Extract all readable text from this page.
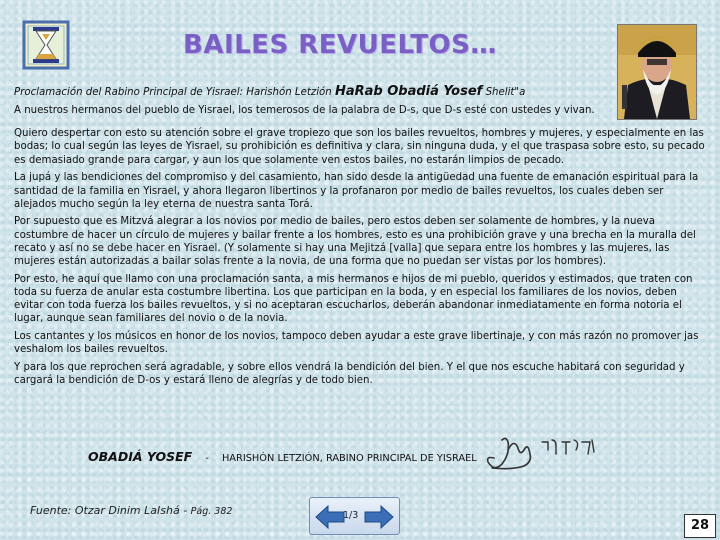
BAILES REVUELTOS…
Proclamación del Rabino Principal de Yisrael: Harishón Letzión HaRab Obadiá Yosef Shelit"a

A nuestros hermanos del pueblo de Yisrael, los temerosos de la palabra de D-s, que D-s esté con ustedes y vivan.

Quiero despertar con esto su atención sobre el grave tropiezo que son los bailes revueltos, hombres y mujeres, y especialmente en las bodas; lo cual según las leyes de Yisrael, su prohibición es definitiva y clara, sin ninguna duda, y el que traspasa sobre esto, su pecado es demasiado grande para cargar, y aun los que solamente ven estos bailes, no estarán limpios de pecado.

La jupá y las bendiciones del compromiso y del casamiento, han sido desde la antigüedad una fuente de emanación espiritual para la santidad de la familia en Yisrael, y ahora llegaron libertinos y la profanaron por medio de bailes revueltos, los cuales deben ser alejados mucho según la ley eterna de nuestra santa Torá.

Por supuesto que es Mitzvá alegrar a los novios por medio de bailes, pero estos deben ser solamente de hombres, y la nueva costumbre de hacer un círculo de mujeres y bailar frente a los hombres, esto es una prohibición grave y una brecha en la muralla del recato y así no se debe hacer en Yisrael. (Y solamente si hay una Mejitzá [valla] que separa entre los hombres y las mujeres, las mujeres están autorizadas a bailar solas frente a la novia, de una forma que no puedan ser vistas por los hombres).

Por esto, he aquí que llamo con una proclamación santa, a mis hermanos e hijos de mi pueblo, queridos y estimados, que traten con toda su fuerza de anular esta costumbre libertina. Los que participan en la boda, y en especial los familiares de los novios, deben evitar con toda fuerza los bailes revueltos, y si no aceptaran escucharlos, deberán abandonar inmediatamente en forma notoria el lugar, aunque sean familiares del novio o de la novia.

Los cantantes y los músicos en honor de los novios, tampoco deben ayudar a este grave libertinaje, y con más razón no promover jas veshalom los bailes revueltos.

Y para los que reprochen será agradable, y sobre ellos vendrá la bendición del bien. Y el que nos escuche habitará con seguridad y cargará la bendición de D-os y estará lleno de alegrías y de todo bien.

OBADIÁ YOSEF - HARISHÓN LETZIÓN, RABINO PRINCIPAL DE YISRAEL
Fuente: Otzar Dinim LaIshá - Pág. 382	1/3
28
